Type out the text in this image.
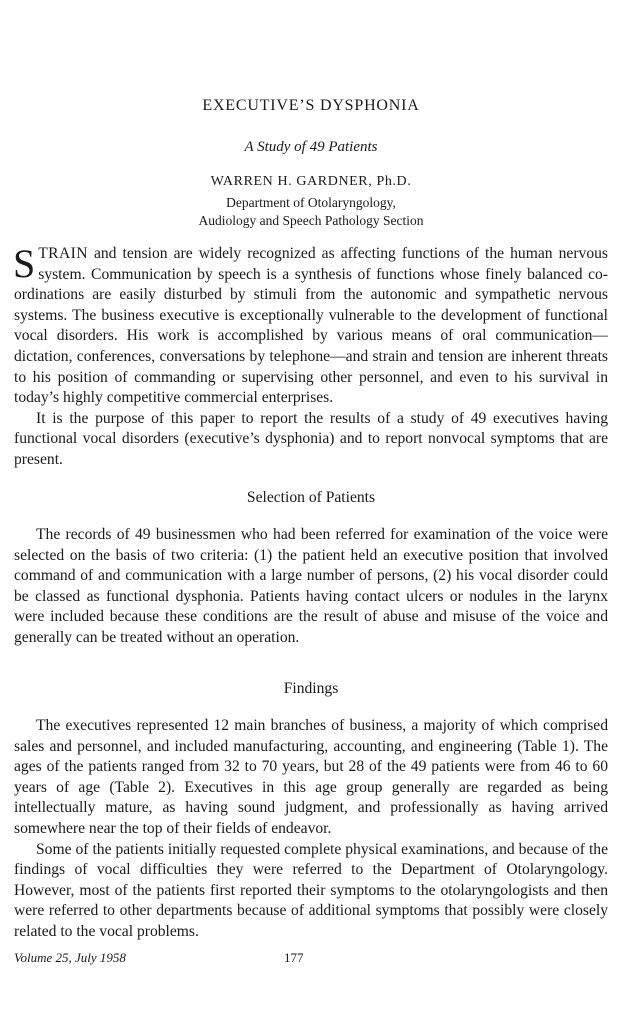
EXECUTIVE’S DYSPHONIA
A Study of 49 Patients
WARREN H. GARDNER, Ph.D.
Department of Otolaryngology,
Audiology and Speech Pathology Section

STRAIN and tension are widely recognized as affecting functions of the human nervous system. Communication by speech is a synthesis of functions whose finely balanced co-ordinations are easily disturbed by stimuli from the autonomic and sympathetic nervous systems. The business executive is exceptionally vulnerable to the development of functional vocal disorders. His work is accomplished by various means of oral communication—dictation, conferences, conversations by telephone—and strain and tension are inherent threats to his position of commanding or supervising other personnel, and even to his survival in today’s highly competitive commercial enterprises.

It is the purpose of this paper to report the results of a study of 49 executives having functional vocal disorders (executive’s dysphonia) and to report nonvocal symptoms that are present.

Selection of Patients

The records of 49 businessmen who had been referred for examination of the voice were selected on the basis of two criteria: (1) the patient held an executive position that involved command of and communication with a large number of persons, (2) his vocal disorder could be classed as functional dysphonia. Patients having contact ulcers or nodules in the larynx were included because these conditions are the result of abuse and misuse of the voice and generally can be treated without an operation.

Findings

The executives represented 12 main branches of business, a majority of which comprised sales and personnel, and included manufacturing, accounting, and engineering (Table 1). The ages of the patients ranged from 32 to 70 years, but 28 of the 49 patients were from 46 to 60 years of age (Table 2). Executives in this age group generally are regarded as being intellectually mature, as having sound judgment, and professionally as having arrived somewhere near the top of their fields of endeavor.

Some of the patients initially requested complete physical examinations, and because of the findings of vocal difficulties they were referred to the Department of Otolaryngology. However, most of the patients first reported their symptoms to the otolaryngologists and then were referred to other departments because of additional symptoms that possibly were closely related to the vocal problems.

Volume 25, July 1958	177
